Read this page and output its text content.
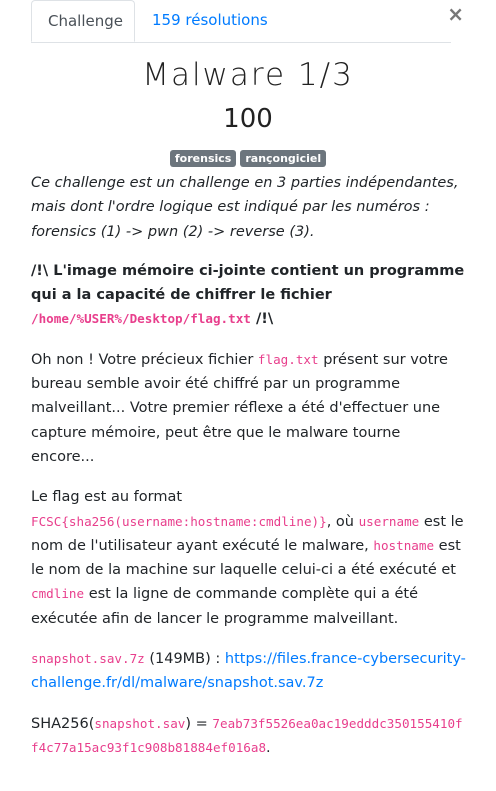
Challenge	159 résolutions	×
Malware 1/3
100
forensics rançongiciel

Ce challenge est un challenge en 3 parties indépendantes, mais dont l'ordre logique est indiqué par les numéros : forensics (1) -> pwn (2) -> reverse (3).

/!\ L'image mémoire ci-jointe contient un programme qui a la capacité de chiffrer le fichier /home/%USER%/Desktop/flag.txt /!\

Oh non ! Votre précieux fichier flag.txt présent sur votre bureau semble avoir été chiffré par un programme malveillant... Votre premier réflexe a été d'effectuer une capture mémoire, peut être que le malware tourne encore...

Le flag est au format FCSC{sha256(username:hostname:cmdline)}, où username est le nom de l'utilisateur ayant exécuté le malware, hostname est le nom de la machine sur laquelle celui-ci a été exécuté et cmdline est la ligne de commande complète qui a été exécutée afin de lancer le programme malveillant.

snapshot.sav.7z (149MB) : https://files.france-cybersecurity-challenge.fr/dl/malware/snapshot.sav.7z

SHA256(snapshot.sav) = 7eab73f5526ea0ac19edddc350155410ff4c77a15ac93f1c908b81884ef016a8.
